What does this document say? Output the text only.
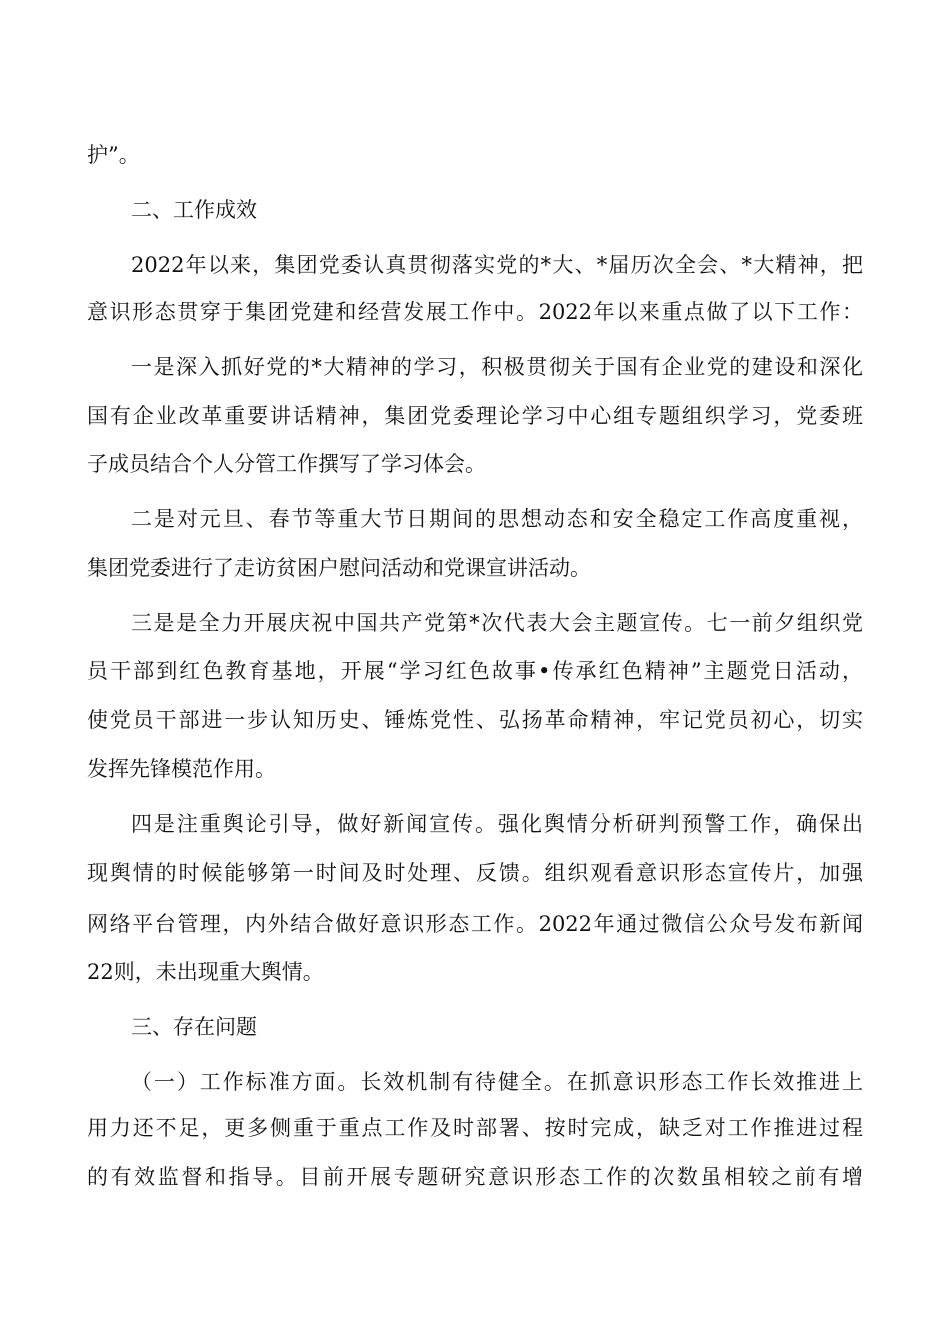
护”。
二、工作成效
2022年以来，集团党委认真贯彻落实党的*大、*届历次全会、*大精神，把
意识形态贯穿于集团党建和经营发展工作中。2022年以来重点做了以下工作：
一是深入抓好党的*大精神的学习，积极贯彻关于国有企业党的建设和深化
国有企业改革重要讲话精神，集团党委理论学习中心组专题组织学习，党委班
子成员结合个人分管工作撰写了学习体会。
二是对元旦、春节等重大节日期间的思想动态和安全稳定工作高度重视，
集团党委进行了走访贫困户慰问活动和党课宣讲活动。
三是是全力开展庆祝中国共产党第*次代表大会主题宣传。七一前夕组织党
员干部到红色教育基地，开展“学习红色故事•传承红色精神”主题党日活动，
使党员干部进一步认知历史、锤炼党性、弘扬革命精神，牢记党员初心，切实
发挥先锋模范作用。
四是注重舆论引导，做好新闻宣传。强化舆情分析研判预警工作，确保出
现舆情的时候能够第一时间及时处理、反馈。组织观看意识形态宣传片，加强
网络平台管理，内外结合做好意识形态工作。2022年通过微信公众号发布新闻
22则，未出现重大舆情。
三、存在问题
（一）工作标准方面。长效机制有待健全。在抓意识形态工作长效推进上
用力还不足，更多侧重于重点工作及时部署、按时完成，缺乏对工作推进过程
的有效监督和指导。目前开展专题研究意识形态工作的次数虽相较之前有增
